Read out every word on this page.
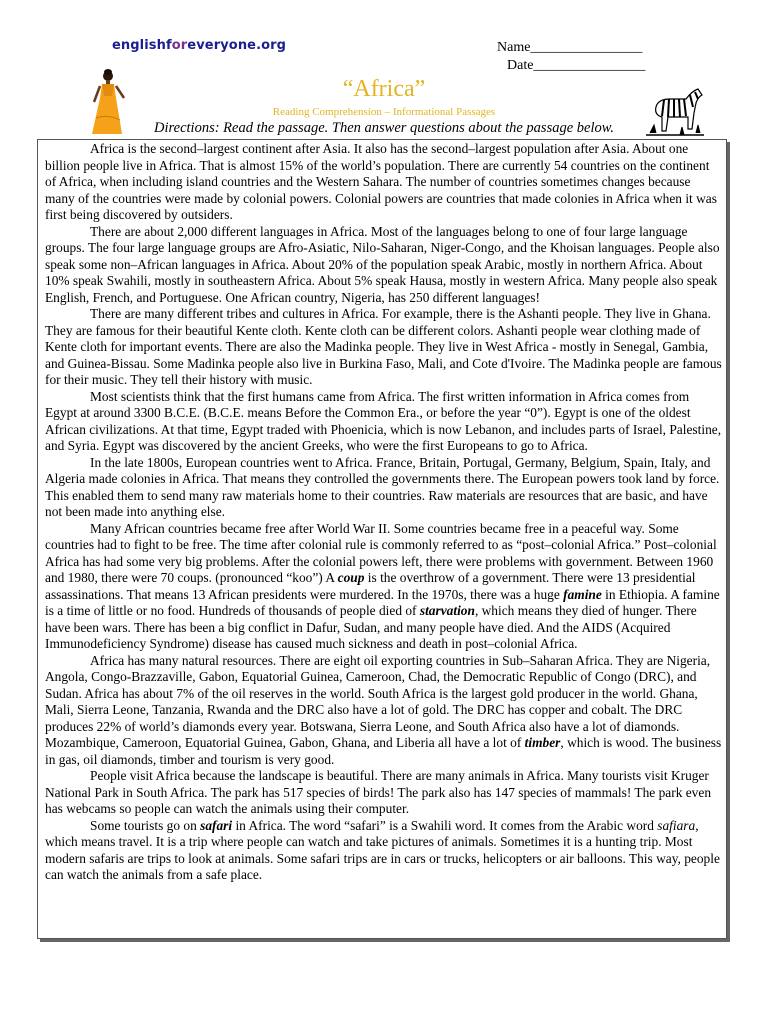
englishforeveryone.org	Name________________
Date________________
“Africa”
Reading Comprehension – Informational Passages
Directions: Read the passage. Then answer questions about the passage below.

Africa is the second–largest continent after Asia. It also has the second–largest population after Asia. About one billion people live in Africa. That is almost 15% of the world’s population. There are currently 54 countries on the continent of Africa, when including island countries and the Western Sahara. The number of countries sometimes changes because many of the countries were made by colonial powers. Colonial powers are countries that made colonies in Africa when it was first being discovered by outsiders.

There are about 2,000 different languages in Africa. Most of the languages belong to one of four large language groups. The four large language groups are Afro-Asiatic, Nilo-Saharan, Niger-Congo, and the Khoisan languages. People also speak some non–African languages in Africa. About 20% of the population speak Arabic, mostly in northern Africa. About 10% speak Swahili, mostly in southeastern Africa. About 5% speak Hausa, mostly in western Africa. Many people also speak English, French, and Portuguese. One African country, Nigeria, has 250 different languages!

There are many different tribes and cultures in Africa. For example, there is the Ashanti people. They live in Ghana. They are famous for their beautiful Kente cloth. Kente cloth can be different colors. Ashanti people wear clothing made of Kente cloth for important events. There are also the Madinka people. They live in West Africa - mostly in Senegal, Gambia, and Guinea-Bissau. Some Madinka people also live in Burkina Faso, Mali, and Cote d'Ivoire. The Madinka people are famous for their music. They tell their history with music.

Most scientists think that the first humans came from Africa. The first written information in Africa comes from Egypt at around 3300 B.C.E. (B.C.E. means Before the Common Era., or before the year “0”). Egypt is one of the oldest African civilizations. At that time, Egypt traded with Phoenicia, which is now Lebanon, and includes parts of Israel, Palestine, and Syria. Egypt was discovered by the ancient Greeks, who were the first Europeans to go to Africa.

In the late 1800s, European countries went to Africa. France, Britain, Portugal, Germany, Belgium, Spain, Italy, and Algeria made colonies in Africa. That means they controlled the governments there. The European powers took land by force. This enabled them to send many raw materials home to their countries. Raw materials are resources that are basic, and have not been made into anything else.

Many African countries became free after World War II. Some countries became free in a peaceful way. Some countries had to fight to be free. The time after colonial rule is commonly referred to as “post–colonial Africa.” Post–colonial Africa has had some very big problems. After the colonial powers left, there were problems with government. Between 1960 and 1980, there were 70 coups. (pronounced “koo”) A coup is the overthrow of a government. There were 13 presidential assassinations. That means 13 African presidents were murdered. In the 1970s, there was a huge famine in Ethiopia. A famine is a time of little or no food. Hundreds of thousands of people died of starvation, which means they died of hunger. There have been wars. There has been a big conflict in Dafur, Sudan, and many people have died. And the AIDS (Acquired Immunodeficiency Syndrome) disease has caused much sickness and death in post–colonial Africa.

Africa has many natural resources. There are eight oil exporting countries in Sub–Saharan Africa. They are Nigeria, Angola, Congo-Brazzaville, Gabon, Equatorial Guinea, Cameroon, Chad, the Democratic Republic of Congo (DRC), and Sudan. Africa has about 7% of the oil reserves in the world. South Africa is the largest gold producer in the world. Ghana, Mali, Sierra Leone, Tanzania, Rwanda and the DRC also have a lot of gold. The DRC has copper and cobalt. The DRC produces 22% of world’s diamonds every year. Botswana, Sierra Leone, and South Africa also have a lot of diamonds. Mozambique, Cameroon, Equatorial Guinea, Gabon, Ghana, and Liberia all have a lot of timber, which is wood. The business in gas, oil diamonds, timber and tourism is very good.

People visit Africa because the landscape is beautiful. There are many animals in Africa. Many tourists visit Kruger National Park in South Africa. The park has 517 species of birds! The park also has 147 species of mammals! The park even has webcams so people can watch the animals using their computer.

Some tourists go on safari in Africa. The word “safari” is a Swahili word. It comes from the Arabic word safiara, which means travel. It is a trip where people can watch and take pictures of animals. Sometimes it is a hunting trip. Most modern safaris are trips to look at animals. Some safari trips are in cars or trucks, helicopters or air balloons. This way, people can watch the animals from a safe place.
